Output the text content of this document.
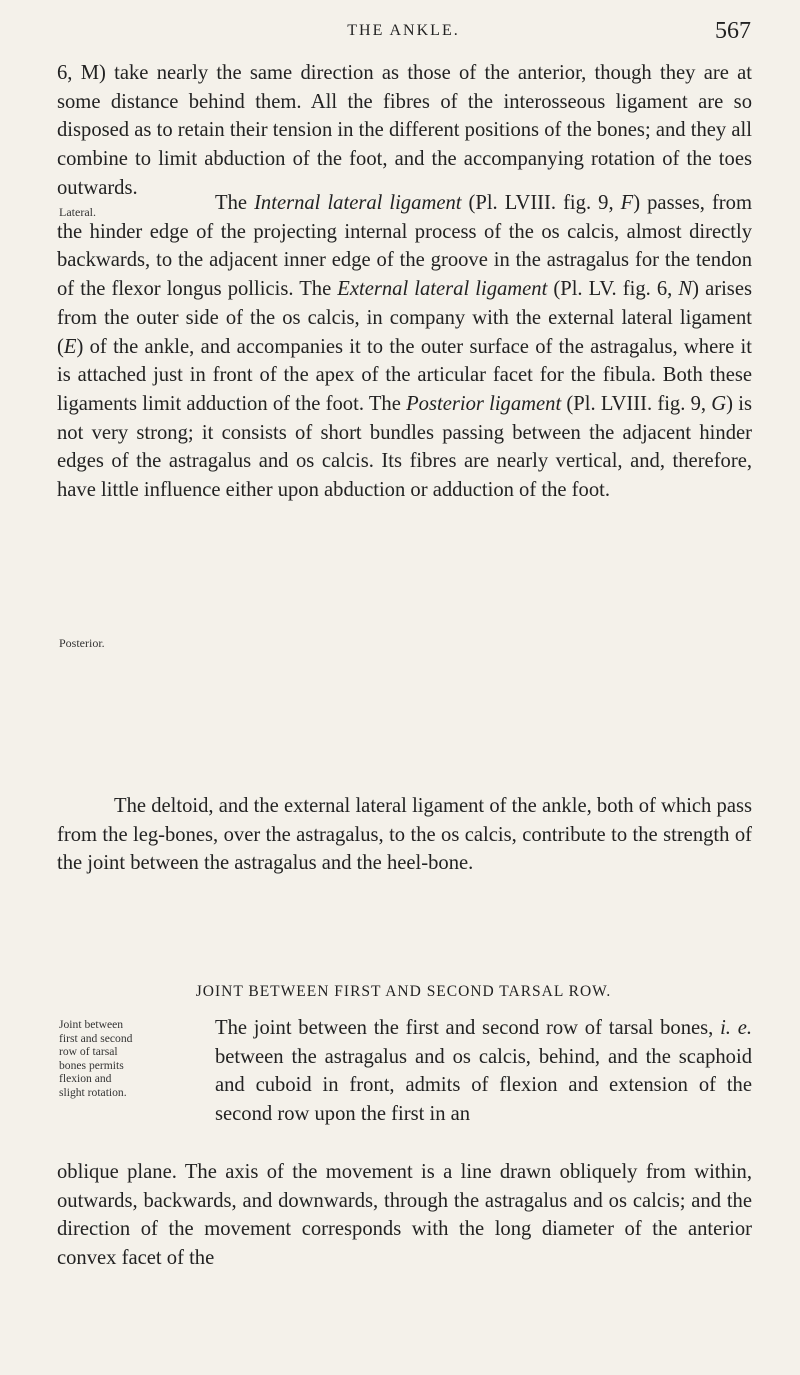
THE ANKLE.	567

6, M) take nearly the same direction as those of the anterior, though they are at some distance behind them. All the fibres of the interosseous ligament are so disposed as to retain their tension in the different positions of the bones; and they all combine to limit abduction of the foot, and the accompanying rotation of the toes outwards.

Lateral.	The Internal lateral ligament (Pl. LVIII. fig. 9, F) passes, from the hinder edge of the projecting internal process of the os calcis, almost directly backwards, to the adjacent inner edge of the groove in the astragalus for the tendon of the flexor longus pollicis. The External lateral ligament (Pl. LV. fig. 6, N) arises from the outer side of the os calcis, in company with the external lateral ligament (E) of the ankle, and accompanies it to the outer surface of the astragalus, where it is attached just in front of the apex of the articular facet for the fibula. Both these ligaments limit adduction of the foot. The Posterior ligament (Pl. LVIII. fig. 9, G) is not very strong; it consists of short bundles passing between the adjacent hinder edges of the astragalus and os calcis. Its fibres are nearly vertical, and, therefore, have little influence either upon abduction or adduction of the foot.

Posterior.

The deltoid, and the external lateral ligament of the ankle, both of which pass from the leg-bones, over the astragalus, to the os calcis, contribute to the strength of the joint between the astragalus and the heel-bone.

JOINT BETWEEN FIRST AND SECOND TARSAL ROW.
Joint between
first and second
row of tarsal
bones permits
flexion and
slight rotation.
The joint between the first and second row of tarsal bones, i. e. between the astragalus and os calcis, behind, and the scaphoid and cuboid in front, admits of flexion and extension of the second row upon the first in an
oblique plane. The axis of the movement is a line drawn obliquely from within, outwards, backwards, and downwards, through the astragalus and os calcis; and the direction of the movement corresponds with the long diameter of the anterior convex facet of the
